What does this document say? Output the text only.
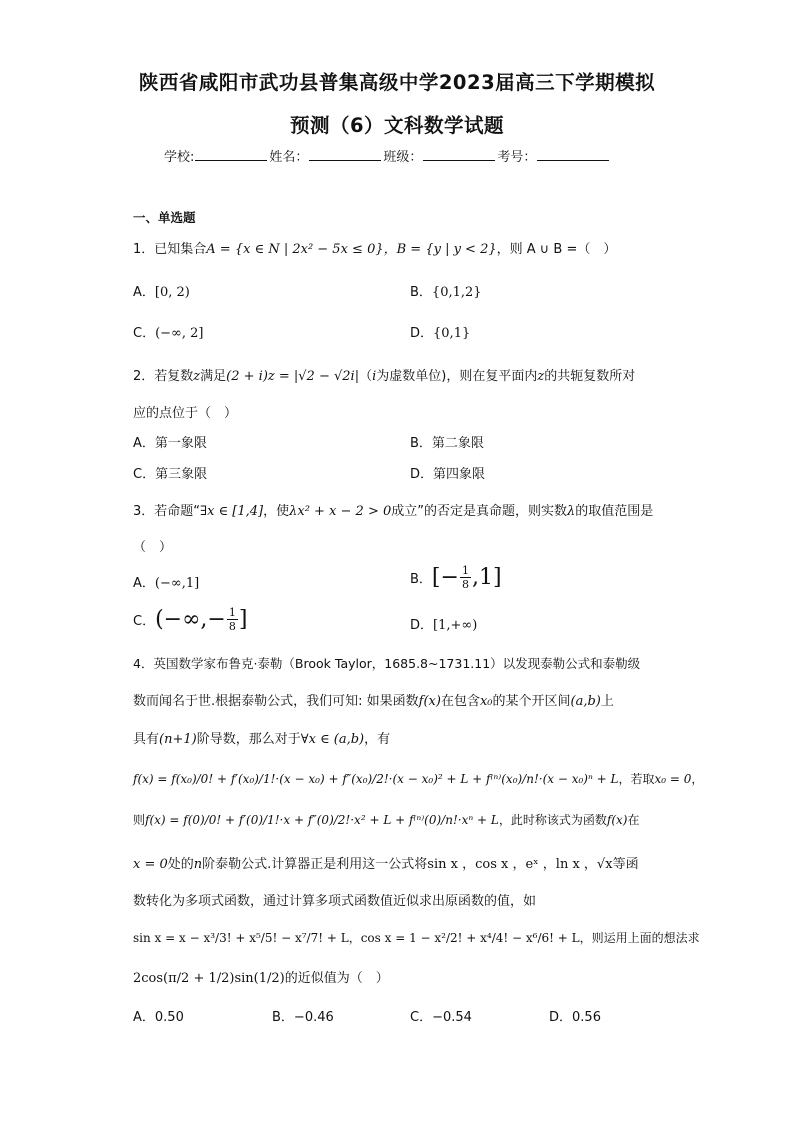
陕西省咸阳市武功县普集高级中学2023届高三下学期模拟
预测（6）文科数学试题
学校:	姓名：	班级：	考号：
一、单选题
1．已知集合A = {x ∈ N | 2x² − 5x ≤ 0}，B = {y | y < 2}，则 A ∪ B =（　）
A．[0, 2)	B．{0,1,2}
C．(−∞, 2]	D．{0,1}
2．若复数z满足(2 + i)z = |√2 − √2i|（i为虚数单位)，则在复平面内z的共轭复数所对
应的点位于（　）
A．第一象限	B．第二象限
C．第三象限	D．第四象限
3．若命题“∃x ∈ [1,4]，使λx² + x − 2 > 0成立”的否定是真命题，则实数λ的取值范围是
（　）
A．(−∞,1]	B．[− $\frac{1}{8} ,1$]
C．(−∞,− $\frac{1}{8}$ ]	D．[1,+∞)
4．英国数学家布鲁克·泰勒（Brook Taylor，1685.8~1731.11）以发现泰勒公式和泰勒级
数而闻名于世.根据泰勒公式，我们可知: 如果函数f(x)在包含x₀的某个开区间(a,b)上
具有(n+1)阶导数，那么对于∀x ∈ (a,b)，有
f(x) = f(x₀)/0! + f′(x₀)/1!·(x − x₀) + f″(x₀)/2!·(x − x₀)² + L + f⁽ⁿ⁾(x₀)/n!·(x − x₀)ⁿ + L，若取x₀ = 0，
则f(x) = f(0)/0! + f′(0)/1!·x + f″(0)/2!·x² + L + f⁽ⁿ⁾(0)/n!·xⁿ + L，此时称该式为函数f(x)在
x = 0处的n阶泰勒公式.计算器正是利用这一公式将sin x ，cos x ，eˣ ，ln x ，√x等函
数转化为多项式函数，通过计算多项式函数值近似求出原函数的值，如
sin x = x − x³/3! + x⁵/5! − x⁷/7! + L，cos x = 1 − x²/2! + x⁴/4! − x⁶/6! + L，则运用上面的想法求
2cos(π/2 + 1/2)sin(1/2)的近似值为（　）
A．0.50	B．−0.46	C．−0.54	D．0.56
